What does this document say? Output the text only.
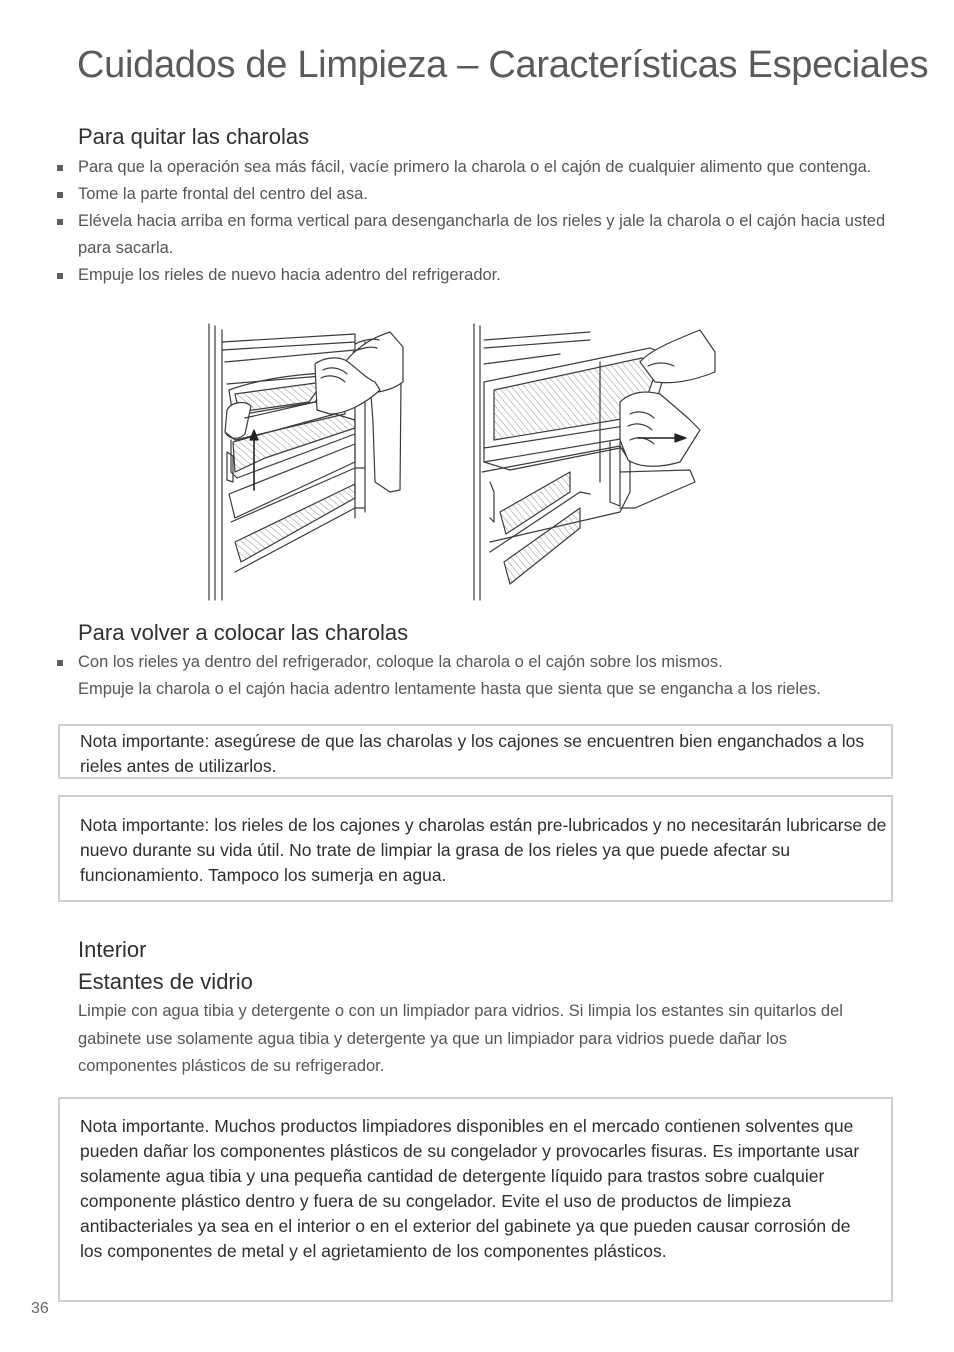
Cuidados de Limpieza – Características Especiales
Para quitar las charolas
Para que la operación sea más fácil, vacíe primero la charola o el cajón de cualquier alimento que contenga.
Tome la parte frontal del centro del asa.
Elévela hacia arriba en forma vertical para desengancharla de los rieles y jale la charola o el cajón hacia usted para sacarla.
Empuje los rieles de nuevo hacia adentro del refrigerador.
Para volver a colocar las charolas
Con los rieles ya dentro del refrigerador, coloque la charola o el cajón sobre los mismos.
Empuje la charola o el cajón hacia adentro lentamente hasta que sienta que se engancha a los rieles.

Nota importante: asegúrese de que las charolas y los cajones se encuentren bien enganchados a los rieles antes de utilizarlos.

Nota importante: los rieles de los cajones y charolas están pre-lubricados y no necesitarán lubricarse de nuevo durante su vida útil. No trate de limpiar la grasa de los rieles ya que puede afectar su funcionamiento. Tampoco los sumerja en agua.

Interior
Estantes de vidrio

Limpie con agua tibia y detergente o con un limpiador para vidrios. Si limpia los estantes sin quitarlos del gabinete use solamente agua tibia y detergente ya que un limpiador para vidrios puede dañar los componentes plásticos de su refrigerador.

Nota importante. Muchos productos limpiadores disponibles en el mercado contienen solventes que pueden dañar los componentes plásticos de su congelador y provocarles fisuras. Es importante usar solamente agua tibia y una pequeña cantidad de detergente líquido para trastos sobre cualquier componente plástico dentro y fuera de su congelador. Evite el uso de productos de limpieza antibacteriales ya sea en el interior o en el exterior del gabinete ya que pueden causar corrosión de los componentes de metal y el agrietamiento de los componentes plásticos.

36
